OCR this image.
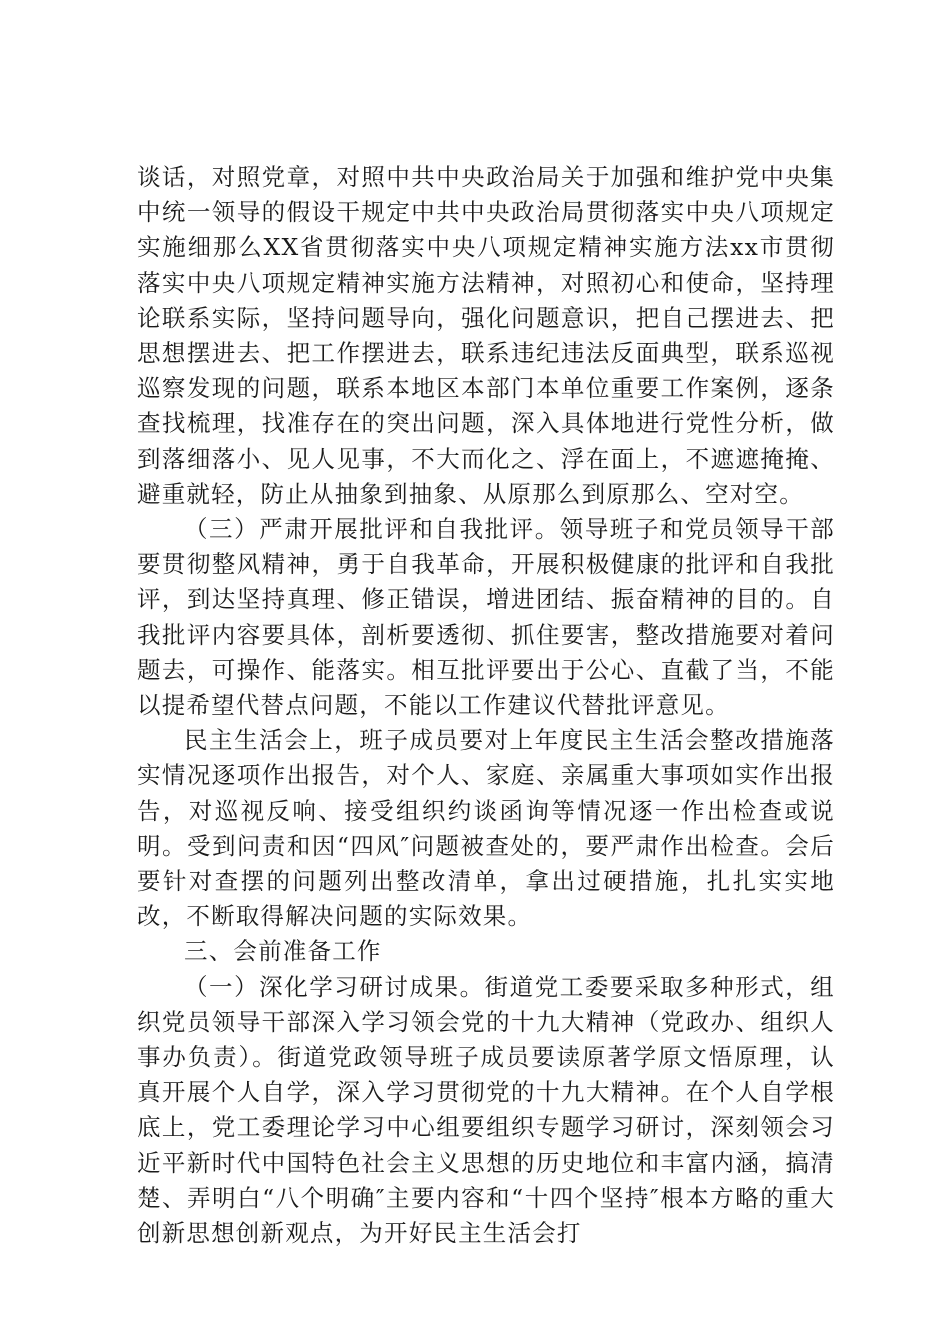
谈话，对照党章，对照中共中央政治局关于加强和维护党中央集中统一领导的假设干规定中共中央政治局贯彻落实中央八项规定实施细那么XX省贯彻落实中央八项规定精神实施方法xx市贯彻落实中央八项规定精神实施方法精神，对照初心和使命，坚持理论联系实际，坚持问题导向，强化问题意识，把自己摆进去、把思想摆进去、把工作摆进去，联系违纪违法反面典型，联系巡视巡察发现的问题，联系本地区本部门本单位重要工作案例，逐条查找梳理，找准存在的突出问题，深入具体地进行党性分析，做到落细落小、见人见事，不大而化之、浮在面上，不遮遮掩掩、避重就轻，防止从抽象到抽象、从原那么到原那么、空对空。

（三）严肃开展批评和自我批评。领导班子和党员领导干部要贯彻整风精神，勇于自我革命，开展积极健康的批评和自我批评，到达坚持真理、修正错误，增进团结、振奋精神的目的。自我批评内容要具体，剖析要透彻、抓住要害，整改措施要对着问题去，可操作、能落实。相互批评要出于公心、直截了当，不能以提希望代替点问题，不能以工作建议代替批评意见。

民主生活会上，班子成员要对上年度民主生活会整改措施落实情况逐项作出报告，对个人、家庭、亲属重大事项如实作出报告，对巡视反响、接受组织约谈函询等情况逐一作出检查或说明。受到问责和因“四风″问题被查处的，要严肃作出检查。会后要针对查摆的问题列出整改清单，拿出过硬措施，扎扎实实地改，不断取得解决问题的实际效果。

三、会前准备工作

（一）深化学习研讨成果。街道党工委要采取多种形式，组织党员领导干部深入学习领会党的十九大精神（党政办、组织人事办负责）。街道党政领导班子成员要读原著学原文悟原理，认真开展个人自学，深入学习贯彻党的十九大精神。在个人自学根底上，党工委理论学习中心组要组织专题学习研讨，深刻领会习近平新时代中国特色社会主义思想的历史地位和丰富内涵，搞清楚、弄明白“八个明确″主要内容和“十四个坚持″根本方略的重大创新思想创新观点，为开好民主生活会打
